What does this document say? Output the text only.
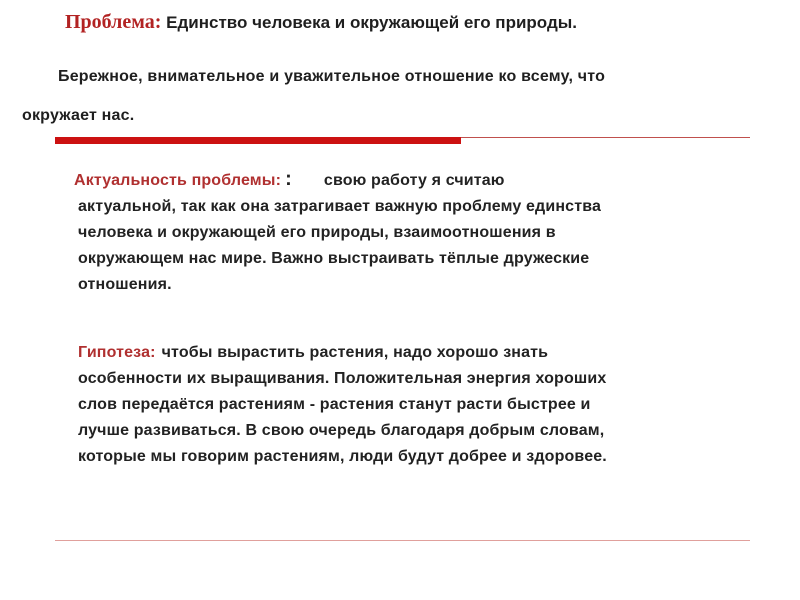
Проблема: Единство человека и окружающей его природы.
Бережное, внимательное и уважительное отношение ко всему, что
окружает нас.
Актуальность проблемы: : свою работу я считаю
актуальной, так как она затрагивает важную проблему единства
человека и окружающей его природы, взаимоотношения в
окружающем нас мире. Важно выстраивать тёплые дружеские
отношения.
Гипотеза: чтобы вырастить растения, надо хорошо знать
особенности их выращивания. Положительная энергия хороших
слов передаётся растениям - растения станут расти быстрее и
лучше развиваться. В свою очередь благодаря добрым словам,
которые мы говорим растениям, люди будут добрее и здоровее.
